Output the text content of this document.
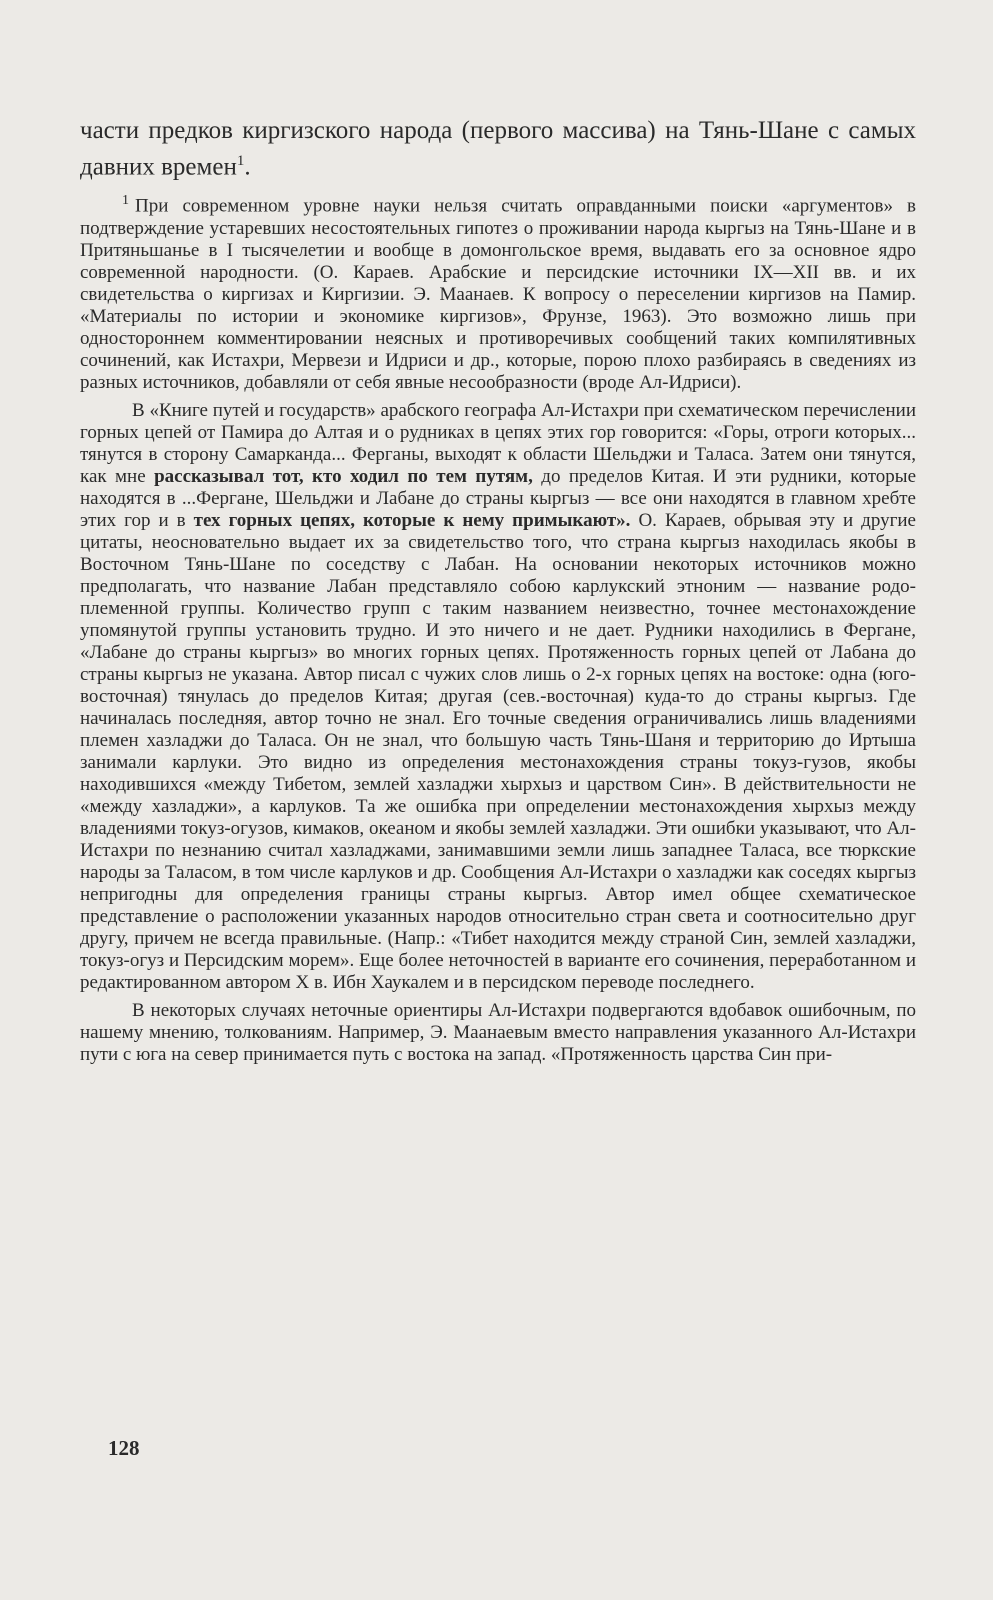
части предков киргизского народа (первого массива) на Тянь-Шане с самых давних времен$^1$.

$^1$ При современном уровне науки нельзя считать оправданными поиски «аргументов» в подтверждение устаревших несостоятельных гипотез о проживании народа кыргыз на Тянь-Шане и в Притяньшанье в I тысячелетии и вообще в домонгольское время, выдавать его за основное ядро современной народности. (О. Караев. Арабские и персидские источники IX—XII вв. и их свидетельства о киргизах и Киргизии. Э. Маанаев. К вопросу о переселении киргизов на Памир. «Материалы по истории и экономике киргизов», Фрунзе, 1963). Это возможно лишь при одностороннем комментировании неясных и противоречивых сообщений таких компилятивных сочинений, как Истахри, Мервези и Идриси и др., которые, порою плохо разбираясь в сведениях из разных источников, добавляли от себя явные несообразности (вроде Ал-Идриси).

В «Книге путей и государств» арабского географа Ал-Истахри при схематическом перечислении горных цепей от Памира до Алтая и о рудниках в цепях этих гор говорится: «Горы, отроги которых... тянутся в сторону Самарканда... Ферганы, выходят к области Шельджи и Таласа. Затем они тянутся, как мне рассказывал тот, кто ходил по тем путям, до пределов Китая. И эти рудники, которые находятся в ...Фергане, Шельджи и Лабане до страны кыргыз — все они находятся в главном хребте этих гор и в тех горных цепях, которые к нему примыкают». О. Караев, обрывая эту и другие цитаты, неосновательно выдает их за свидетельство того, что страна кыргыз находилась якобы в Восточном Тянь-Шане по соседству с Лабан. На основании некоторых источников можно предполагать, что название Лабан представляло собою карлукский этноним — название родо-племенной группы. Количество групп с таким названием неизвестно, точнее местонахождение упомянутой группы установить трудно. И это ничего и не дает. Рудники находились в Фергане, «Лабане до страны кыргыз» во многих горных цепях. Протяженность горных цепей от Лабана до страны кыргыз не указана. Автор писал с чужих слов лишь о 2-х горных цепях на востоке: одна (юго-восточная) тянулась до пределов Китая; другая (сев.-восточная) куда-то до страны кыргыз. Где начиналась последняя, автор точно не знал. Его точные сведения ограничивались лишь владениями племен хазладжи до Таласа. Он не знал, что большую часть Тянь-Шаня и территорию до Иртыша занимали карлуки. Это видно из определения местонахождения страны токуз-гузов, якобы находившихся «между Тибетом, землей хазладжи хырхыз и царством Син». В действительности не «между хазладжи», а карлуков. Та же ошибка при определении местонахождения хырхыз между владениями токуз-огузов, кимаков, океаном и якобы землей хазладжи. Эти ошибки указывают, что Ал-Истахри по незнанию считал хазладжами, занимавшими земли лишь западнее Таласа, все тюркские народы за Таласом, в том числе карлуков и др. Сообщения Ал-Истахри о хазладжи как соседях кыргыз непригодны для определения границы страны кыргыз. Автор имел общее схематическое представление о расположении указанных народов относительно стран света и соотносительно друг другу, причем не всегда правильные. (Напр.: «Тибет находится между страной Син, землей хазладжи, токуз-огуз и Персидским морем». Еще более неточностей в варианте его сочинения, переработанном и редактированном автором X в. Ибн Хаукалем и в персидском переводе последнего.

В некоторых случаях неточные ориентиры Ал-Истахри подвергаются вдобавок ошибочным, по нашему мнению, толкованиям. Например, Э. Маанаевым вместо направления указанного Ал-Истахри пути с юга на север принимается путь с востока на запад. «Протяженность царства Син при-

128
